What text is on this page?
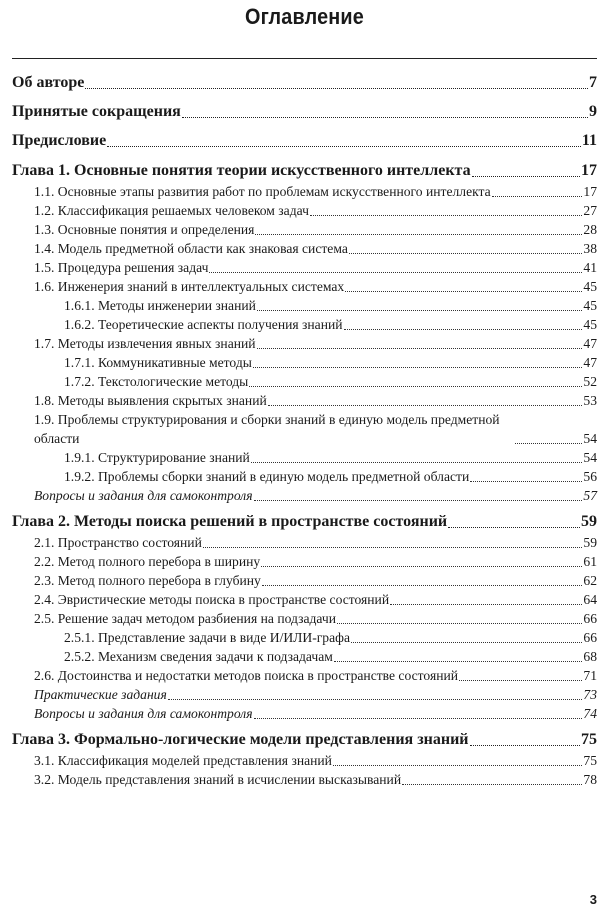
Оглавление
Об авторе	7
Принятые сокращения	9
Предисловие	11
Глава 1. Основные понятия теории искусственного интеллекта	17
1.1. Основные этапы развития работ по проблемам искусственного интеллекта	17
1.2. Классификация решаемых человеком задач	27
1.3. Основные понятия и определения	28
1.4. Модель предметной области как знаковая система	38
1.5. Процедура решения задач	41
1.6. Инженерия знаний в интеллектуальных системах	45
1.6.1. Методы инженерии знаний	45
1.6.2. Теоретические аспекты получения знаний	45
1.7. Методы извлечения явных знаний	47
1.7.1. Коммуникативные методы	47
1.7.2. Текстологические методы	52
1.8. Методы выявления скрытых знаний	53
1.9. Проблемы структурирования и сборки знаний в единую модель предметной области	54
1.9.1. Структурирование знаний	54
1.9.2. Проблемы сборки знаний в единую модель предметной области	56
Вопросы и задания для самоконтроля	57
Глава 2. Методы поиска решений в пространстве состояний	59
2.1. Пространство состояний	59
2.2. Метод полного перебора в ширину	61
2.3. Метод полного перебора в глубину	62
2.4. Эвристические методы поиска в пространстве состояний	64
2.5. Решение задач методом разбиения на подзадачи	66
2.5.1. Представление задачи в виде И/ИЛИ-графа	66
2.5.2. Механизм сведения задачи к подзадачам	68
2.6. Достоинства и недостатки методов поиска в пространстве состояний	71
Практические задания	73
Вопросы и задания для самоконтроля	74
Глава 3. Формально-логические модели представления знаний	75
3.1. Классификация моделей представления знаний	75
3.2. Модель представления знаний в исчислении высказываний	78
3
